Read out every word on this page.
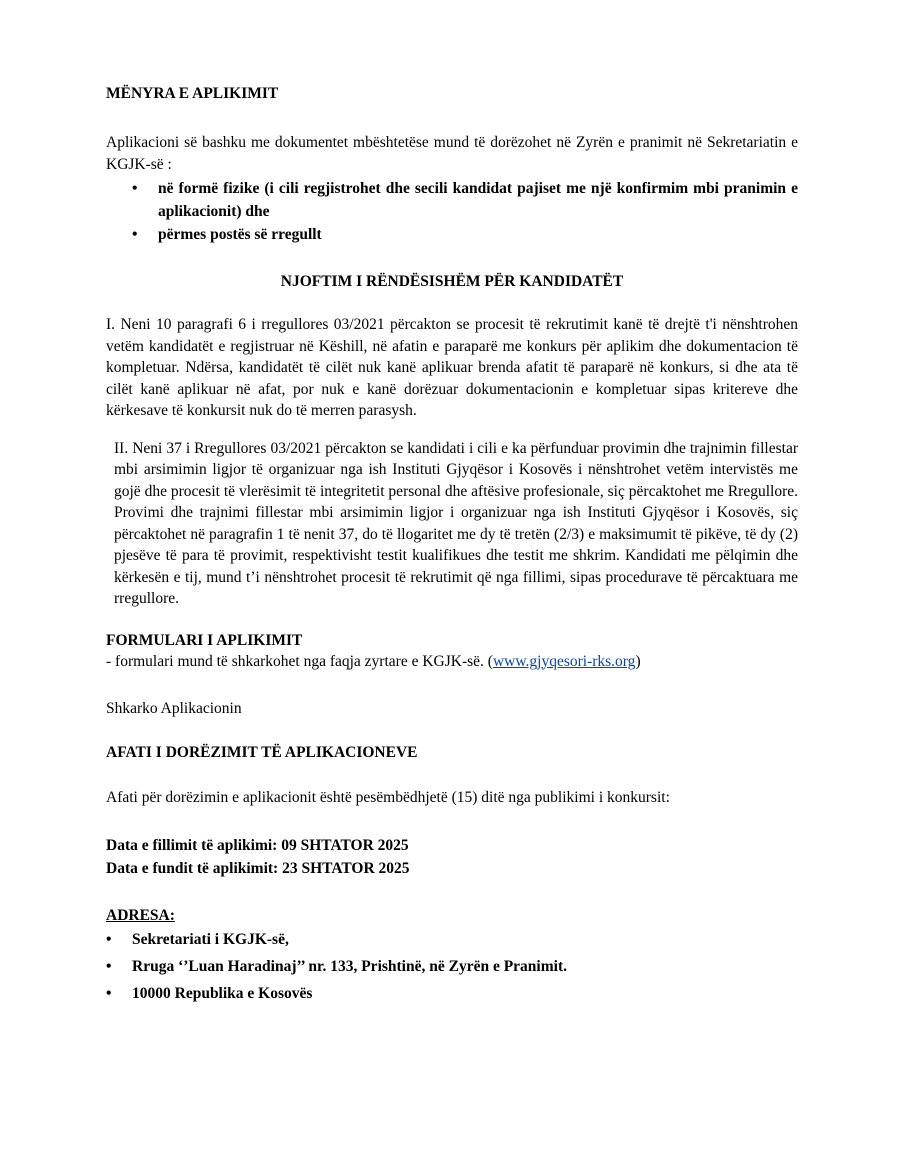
MËNYRA E APLIKIMIT

Aplikacioni së bashku me dokumentet mbështetëse mund të dorëzohet në Zyrën e pranimit në Sekretariatin e KGJK-së :

• në formë fizike (i cili regjistrohet dhe secili kandidat pajiset me një konfirmim mbi pranimin e aplikacionit) dhe
• përmes postës së rregullt
NJOFTIM I RËNDËSISHËM PËR KANDIDATËT

I. Neni 10 paragrafi 6 i rregullores 03/2021 përcakton se procesit të rekrutimit kanë të drejtë t'i nënshtrohen vetëm kandidatët e regjistruar në Këshill, në afatin e paraparë me konkurs për aplikim dhe dokumentacion të kompletuar. Ndërsa, kandidatët të cilët nuk kanë aplikuar brenda afatit të paraparë në konkurs, si dhe ata të cilët kanë aplikuar në afat, por nuk e kanë dorëzuar dokumentacionin e kompletuar sipas kritereve dhe kërkesave të konkursit nuk do të merren parasysh.

II. Neni 37 i Rregullores 03/2021 përcakton se kandidati i cili e ka përfunduar provimin dhe trajnimin fillestar mbi arsimimin ligjor të organizuar nga ish Instituti Gjyqësor i Kosovës i nënshtrohet vetëm intervistës me gojë dhe procesit të vlerësimit të integritetit personal dhe aftësive profesionale, siç përcaktohet me Rregullore. Provimi dhe trajnimi fillestar mbi arsimimin ligjor i organizuar nga ish Instituti Gjyqësor i Kosovës, siç përcaktohet në paragrafin 1 të nenit 37, do të llogaritet me dy të tretën (2/3) e maksimumit të pikëve, të dy (2) pjesëve të para të provimit, respektivisht testit kualifikues dhe testit me shkrim. Kandidati me pëlqimin dhe kërkesën e tij, mund t’i nënshtrohet procesit të rekrutimit që nga fillimi, sipas procedurave të përcaktuara me rregullore.

FORMULARI I APLIKIMIT

- formulari mund të shkarkohet nga faqja zyrtare e KGJK-së. (www.gjyqesori-rks.org)

Shkarko Aplikacionin

AFATI I DORËZIMIT TË APLIKACIONEVE

Afati për dorëzimin e aplikacionit është pesëmbëdhjetë (15) ditë nga publikimi i konkursit:

Data e fillimit të aplikimi: 09 SHTATOR 2025
Data e fundit të aplikimit: 23 SHTATOR 2025
ADRESA:
• Sekretariati i KGJK-së,
• Rruga ‘’Luan Haradinaj’’ nr. 133, Prishtinë, në Zyrën e Pranimit.
• 10000 Republika e Kosovës
